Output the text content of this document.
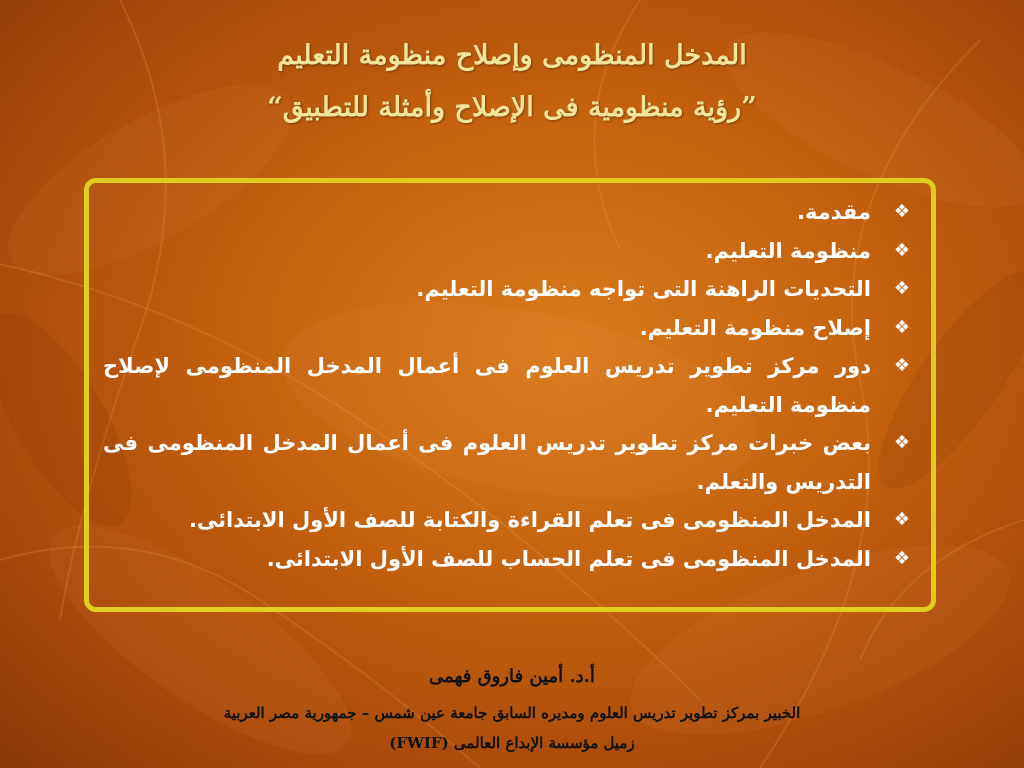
المدخل المنظومى وإصلاح منظومة التعليم
”رؤية منظومية فى الإصلاح وأمثلة للتطبيق“
❖
مقدمة.
❖
منظومة التعليم.
❖
التحديات الراهنة التى تواجه منظومة التعليم.
❖
إصلاح منظومة التعليم.
❖
دور مركز تطوير تدريس العلوم فى أعمال المدخل المنظومى لإصلاح منظومة التعليم.
❖
بعض خبرات مركز تطوير تدريس العلوم فى أعمال المدخل المنظومى فى التدريس والتعلم.
❖
المدخل المنظومى فى تعلم القراءة والكتابة للصف الأول الابتدائى.
❖
المدخل المنظومى فى تعلم الحساب للصف الأول الابتدائى.
أ.د. أمين فاروق فهمى
الخبير بمركز تطوير تدريس العلوم ومديره السابق جامعة عين شمس – جمهورية مصر العربية
زميل مؤسسة الإبداع العالمى (FWIF)
